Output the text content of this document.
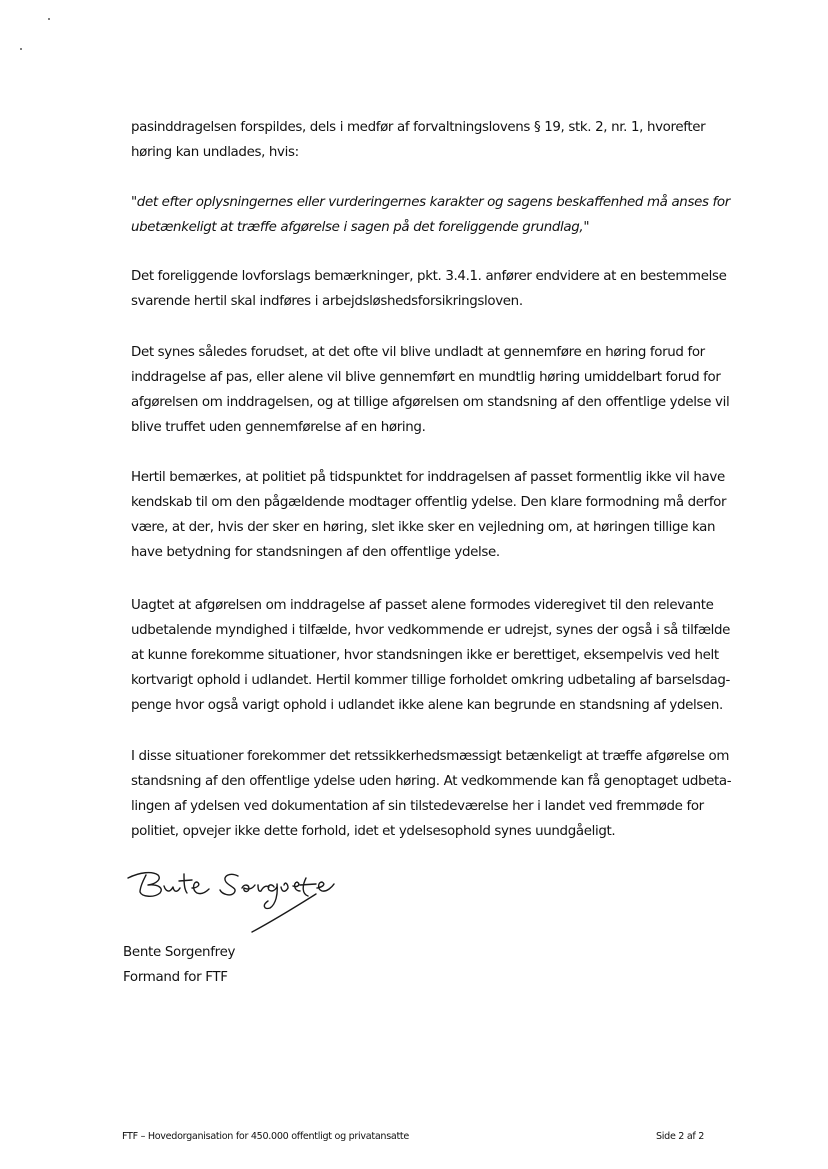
pasinddragelsen forspildes, dels i medfør af forvaltningslovens § 19, stk. 2, nr. 1, hvorefter
høring kan undlades, hvis:
"det efter oplysningernes eller vurderingernes karakter og sagens beskaffenhed må anses for
ubetænkeligt at træffe afgørelse i sagen på det foreliggende grundlag,"
Det foreliggende lovforslags bemærkninger, pkt. 3.4.1. anfører endvidere at en bestemmelse
svarende hertil skal indføres i arbejdsløshedsforsikringsloven.
Det synes således forudset, at det ofte vil blive undladt at gennemføre en høring forud for
inddragelse af pas, eller alene vil blive gennemført en mundtlig høring umiddelbart forud for
afgørelsen om inddragelsen, og at tillige afgørelsen om standsning af den offentlige ydelse vil
blive truffet uden gennemførelse af en høring.
Hertil bemærkes, at politiet på tidspunktet for inddragelsen af passet formentlig ikke vil have
kendskab til om den pågældende modtager offentlig ydelse. Den klare formodning må derfor
være, at der, hvis der sker en høring, slet ikke sker en vejledning om, at høringen tillige kan
have betydning for standsningen af den offentlige ydelse.
Uagtet at afgørelsen om inddragelse af passet alene formodes videregivet til den relevante
udbetalende myndighed i tilfælde, hvor vedkommende er udrejst, synes der også i så tilfælde
at kunne forekomme situationer, hvor standsningen ikke er berettiget, eksempelvis ved helt
kortvarigt ophold i udlandet. Hertil kommer tillige forholdet omkring udbetaling af barselsdag-
penge hvor også varigt ophold i udlandet ikke alene kan begrunde en standsning af ydelsen.
I disse situationer forekommer det retssikkerhedsmæssigt betænkeligt at træffe afgørelse om
standsning af den offentlige ydelse uden høring. At vedkommende kan få genoptaget udbeta-
lingen af ydelsen ved dokumentation af sin tilstedeværelse her i landet ved fremmøde for
politiet, opvejer ikke dette forhold, idet et ydelsesophold synes uundgåeligt.
Bente Sorgenfrey
Formand for FTF
FTF – Hovedorganisation for 450.000 offentligt og privatansatte	Side 2 af 2
